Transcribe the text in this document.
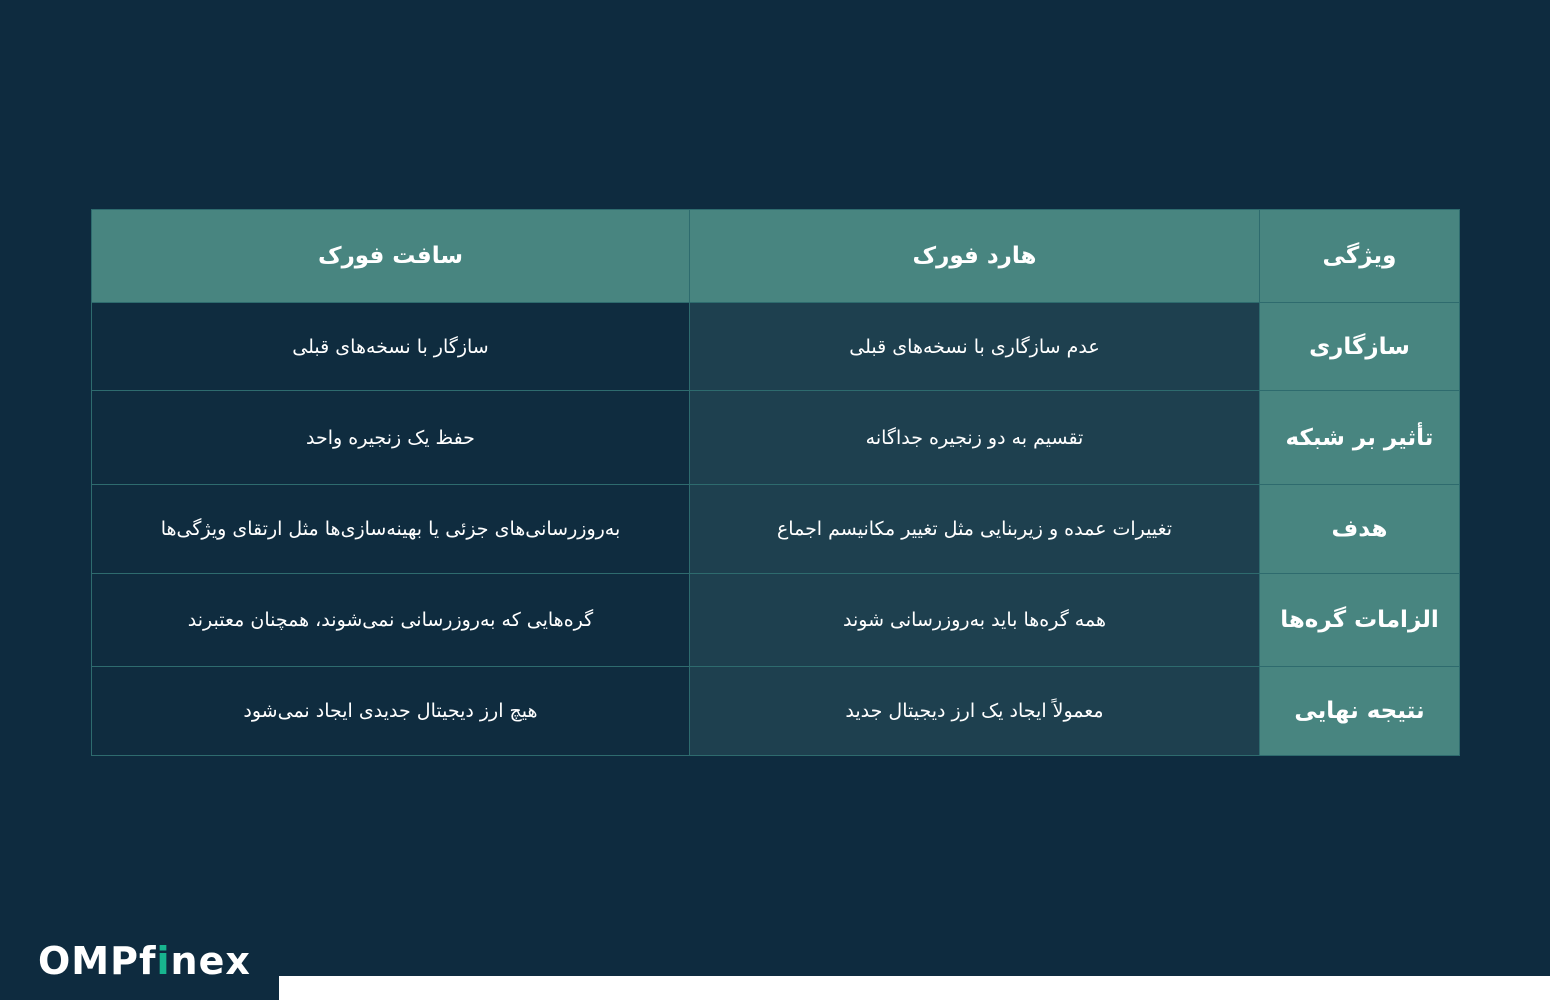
ویژگی	هارد فورک	سافت فورک
سازگاری	عدم سازگاری با نسخه‌های قبلی	سازگار با نسخه‌های قبلی
تأثیر بر شبکه	تقسیم به دو زنجیره جداگانه	حفظ یک زنجیره واحد
هدف	تغییرات عمده و زیربنایی مثل تغییر مکانیسم اجماع	به‌روزرسانی‌های جزئی یا بهینه‌سازی‌ها مثل ارتقای ویژگی‌ها
الزامات گره‌ها	همه گره‌ها باید به‌روزرسانی شوند	گره‌هایی که به‌روزرسانی نمی‌شوند، همچنان معتبرند
نتیجه نهایی	معمولاً ایجاد یک ارز دیجیتال جدید	هیچ ارز دیجیتال جدیدی ایجاد نمی‌شود
OMPfinex
